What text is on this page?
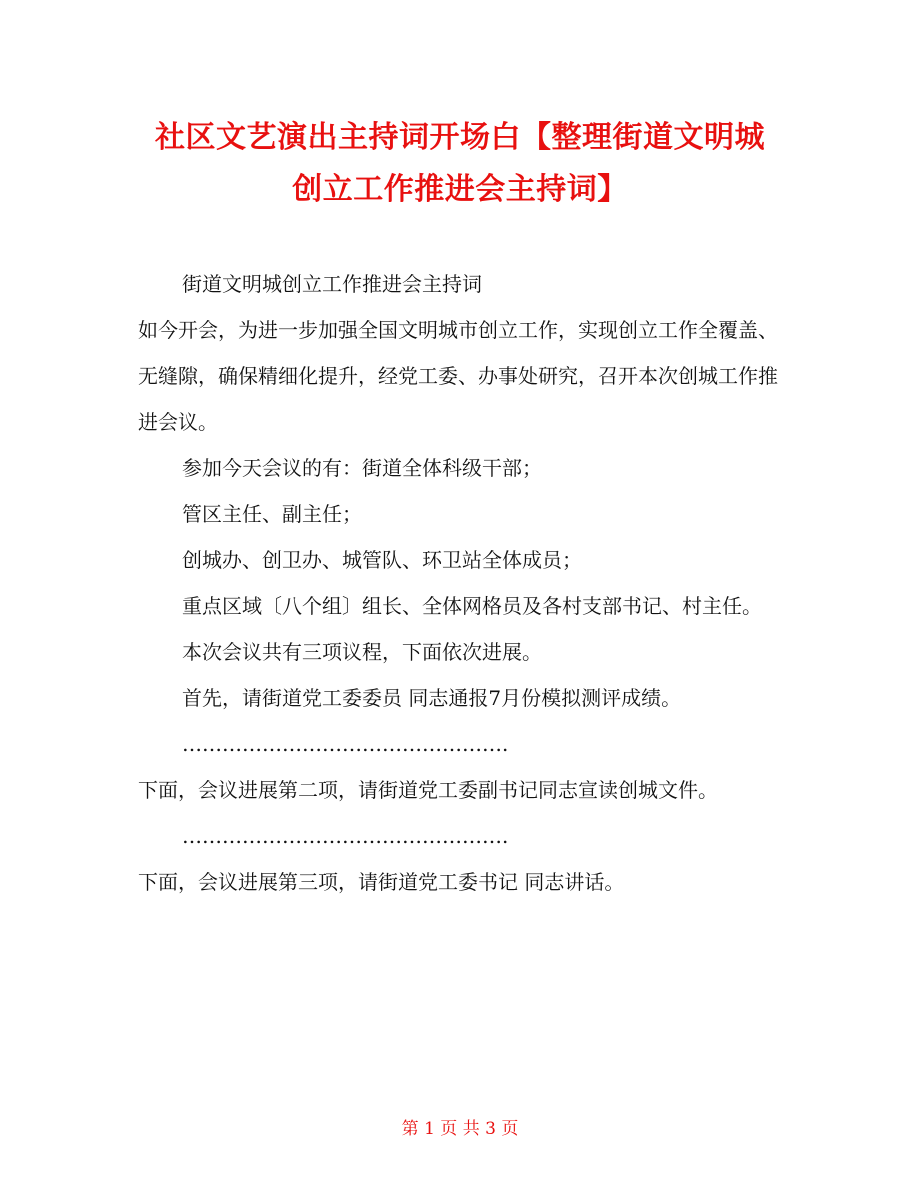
社区文艺演出主持词开场白【整理街道文明城
创立工作推进会主持词】

街道文明城创立工作推进会主持词

如今开会，为进一步加强全国文明城市创立工作，实现创立工作全覆盖、无缝隙，确保精细化提升，经党工委、办事处研究，召开本次创城工作推进会议。

参加今天会议的有：街道全体科级干部；

管区主任、副主任；

创城办、创卫办、城管队、环卫站全体成员；

重点区域〔八个组〕组长、全体网格员及各村支部书记、村主任。

本次会议共有三项议程，下面依次进展。

首先，请街道党工委委员 同志通报7月份模拟测评成绩。

………………………………………….

下面，会议进展第二项，请街道党工委副书记同志宣读创城文件。

………………………………………….

下面，会议进展第三项，请街道党工委书记 同志讲话。

第 1 页 共 3 页
